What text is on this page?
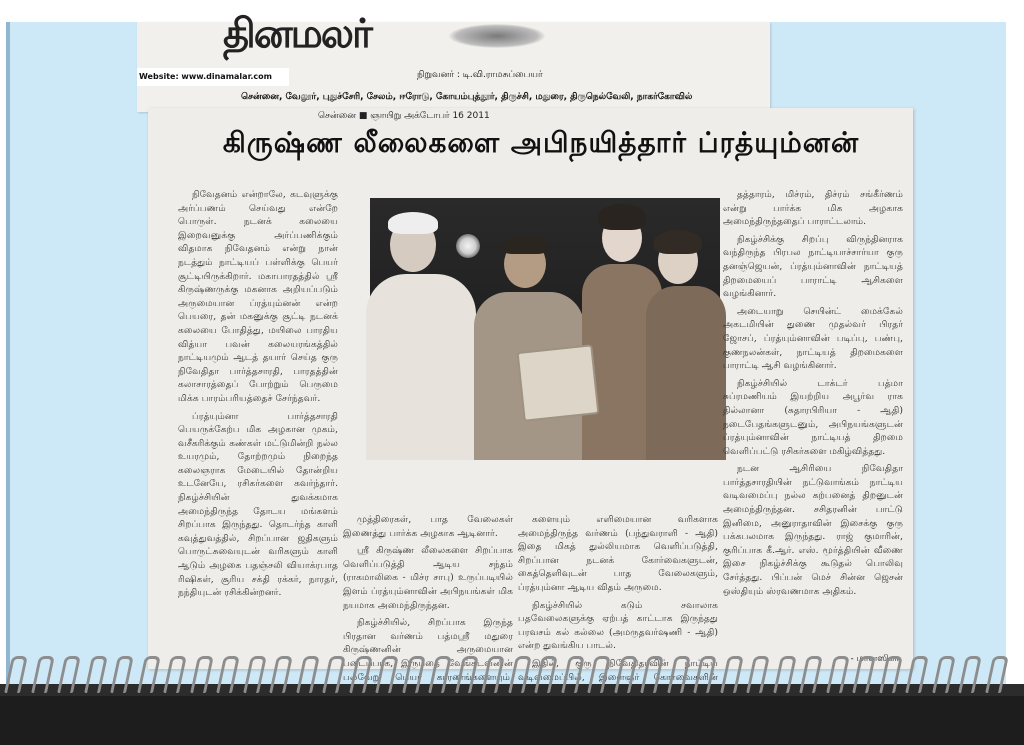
தினமலர்
Website: www.dinamalar.com	நிறுவனர் : டி.வி.ராமசுப்பையர்
சென்னை, வேலூர், புதுச்சேரி, சேலம், ஈரோடு, கோயம்புத்தூர், திருச்சி, மதுரை, திருநெல்வேலி, நாகர்கோவில்
சென்னை ■ ஞாயிறு அக்டோபர் 16 2011
கிருஷ்ண லீலைகளை அபிநயித்தார் ப்ரத்யும்னன்

நிவேதனம் என்றாலே, கடவுளுக்கு அர்ப்பணம் செய்வது என்றே பொருள். நடனக் கலையை இறைவனுக்கு அர்ப்பணிக்கும் விதமாக நிவேதனம் என்று நான் நடத்தும் நாட்டியப் பள்ளிக்கு பெயர் சூட்டியிருக்கிறார். மகாபாரதத்தில் ஸ்ரீ கிருஷ்ணருக்கு மகனாக அறியப்படும் அருமையான ப்ரத்யும்னன் என்ற பெயரை, தன் மகனுக்கு சூட்டி நடனக் கலையை போதித்து, மயிலை பாரதிய வித்யா பவன் கலையரங்கத்தில் நாட்டியமும் ஆடத் தயார் செய்த குரு நிவேதிதா பார்த்தசாரதி, பாரதத்தின் கலாசாரத்தைப் போற்றும் பெருமை மிக்க பாரம்பரியத்தைச் சேர்ந்தவர்.

ப்ரத்யும்னா பார்த்தசாரதி பெயருக்கேற்ப மிக அழகான முகம், வசீகரிக்கும் கண்கள் மட்டுமின்றி நல்ல உயரமும், தோற்றமும் நிறைந்த கலைஞராக மேடையில் தோன்றிய உடனேயே, ரசிகர்களை கவர்ந்தார். நிகழ்ச்சியின் துவக்கமாக அமைந்திருந்த தோடய மங்களம் சிறப்பாக இருந்தது. தொடர்ந்த காளி கவுத்துவத்தில், சிறப்பான ஜதிகளும் பொருட்சுவையுடன் வரிகளும் காளி ஆடும் அழகை பதஞ்சலி வியாக்ரபாத ரிஷிகள், சூரிய சக்தி ரக்கர், நாரதர், நந்தியுடன் ரசிக்கின்றனர்.

முத்திரைகள், பாத வேலைகள் இணைத்து பார்க்க அழகாக ஆடினார்.

ஸ்ரீ கிருஷ்ண லீலைகளை சிறப்பாக வெளிப்படுத்தி ஆடிய சந்தம் (ராகமாலிகை - மிச்ர சாபு) உருப்படியில் இளம் ப்ரத்யும்னாவின் அபிநயங்கள் மிக நயமாக அமைந்திருந்தன.

நிகழ்ச்சியில், சிறப்பாக இருந்த பிரதான வர்ணம் பத்மஸ்ரீ மதுரை கிருஷ்ணனின் அருமையான படைப்பாக, இருபதை வேங்கடவனின் பல்வேறு பெயர் காரணங்களையும்,

களையும் எளிமையான வரிகளாக அமைந்திருந்த வர்ணம் (பந்துவராளி - ஆதி) இதை மிகத் துல்லியமாக வெளிப்படுத்தி, சிறப்பான நடனக் கோர்வைகளுடன், கைத்தெளிவுடன் பாத வேலைகளும், ப்ரத்யும்னா ஆடிய விதம் அருமை.

நிகழ்ச்சியில் கடும் சவாலாக பதவேலைகளுக்கு ஏற்பத் காட்டாக இருந்தது பரவசம் கல் கல்லை (அமருதவர்ஷணி - ஆதி) என்ற துவங்கிய பாடல்.

இதில், குரு நிவேதிதாவின் நாட்டிய வடிவமைப்பில், இளைஞர் கோர்வைகளின்

தத்தாரம், மிச்ரம், திச்ரம் சங்கீர்ணம் என்று பார்க்க மிக அழகாக அமைந்திருந்ததைப் பாராட்டலாம்.

நிகழ்ச்சிக்கு சிறப்பு விருந்தினராக வந்திருந்த பிரபல நாட்டியாச்சார்யா குரு தனஞ்ஜெயன், ப்ரத்யும்னாவின் நாட்டியத் திறமையைப் பாராட்டி ஆசிகளை வழங்கினார்.

அடையாறு செயின்ட் மைக்கேல் அகடமியின் துணை முதல்வர் பிரதர் ஜோசப், ப்ரத்யும்னாவின் படிப்பு, பண்பு, குணநலன்கள், நாட்டியத் திறமைகளை பாராட்டி ஆசி வழங்கினார்.

நிகழ்ச்சியில் டாக்டர் பத்மா சுப்ரமணியம் இயற்றிய அபூர்வ ராக தில்லானா (சுதாரபிரியா - ஆதி) நடைபேதங்களுடனும், அபிநயங்களுடன் ப்ரத்யும்னாவின் நாட்டியத் திறமை வெளிப்பட்டு ரசிகர்களை மகிழ்வித்தது.

நடன ஆசிரியை நிவேதிதா பார்த்தசாரதியின் நட்டுவாங்கம் நாட்டிய வடிவமைப்பு நல்ல கற்பனைத் திறனுடன் அமைந்திருந்தன. சசிதரனின் பாட்டு இனிமை, அனுராதாவின் இசைக்கு குரு பக்கபலமாக இருந்தது. ராஜ் குமாரின், குரிப்பாக கீ.ஆர். எஸ். மூர்த்தியின் வீணை இசை நிகழ்ச்சிக்கு கூடுதல் பொலிவு சேர்த்தது. பிப்பன் மெச் சின்ன ஜெசன் ஒஸ்தியும் ஸ்ரவணமாக அதிகம்.

- மானஸிகா
